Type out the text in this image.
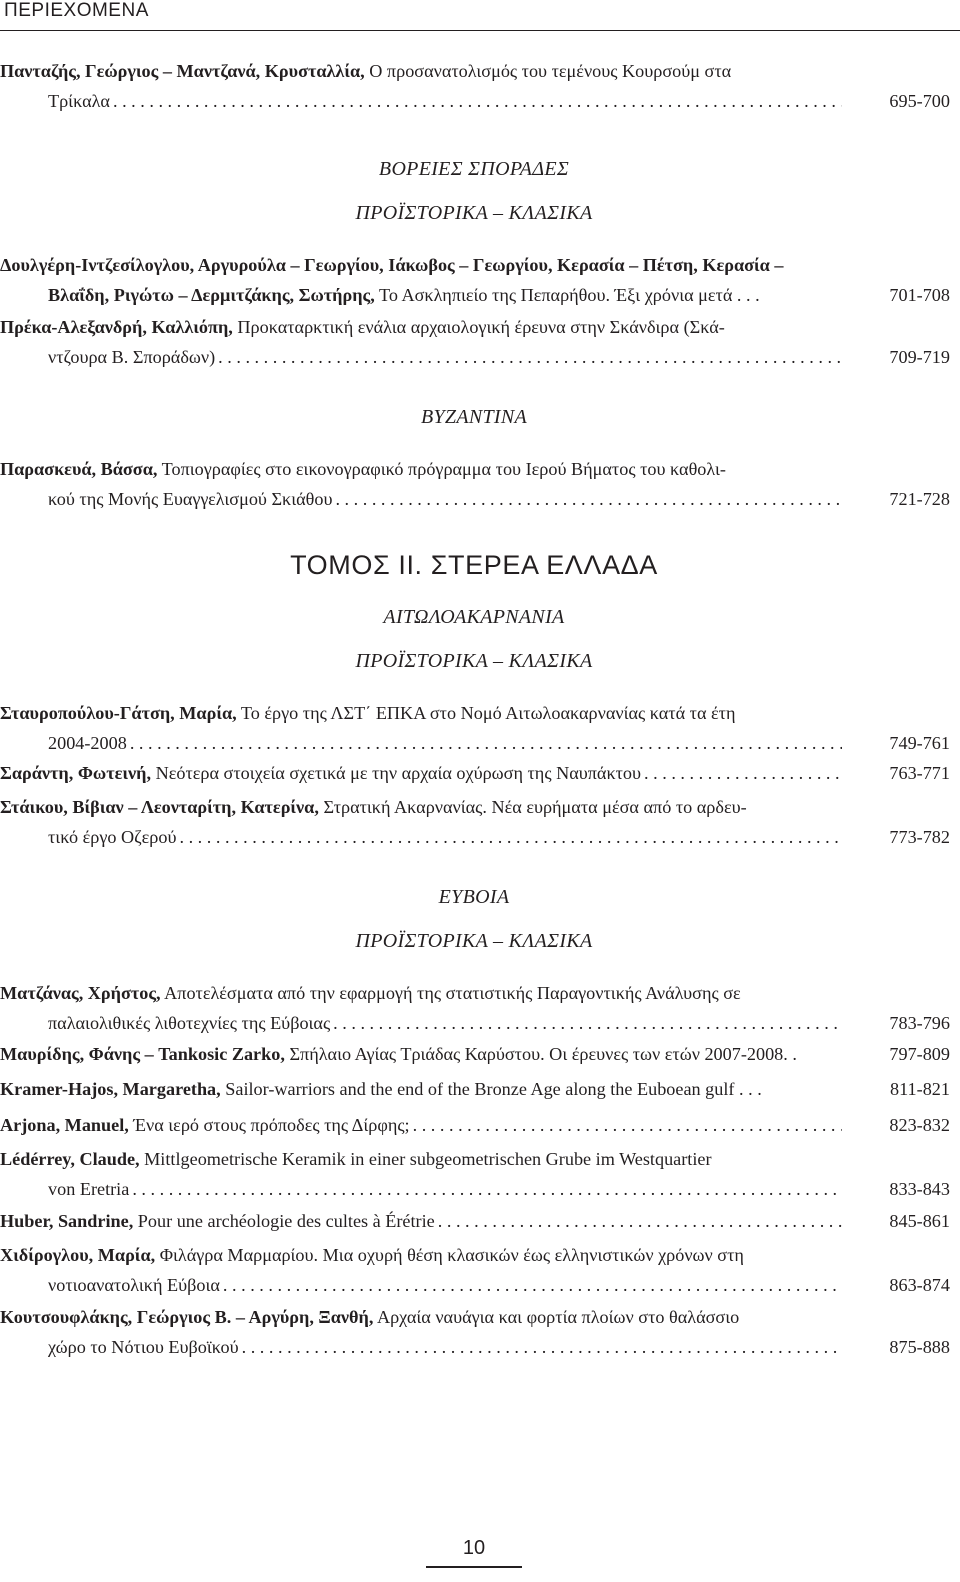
ΠΕΡΙΕΧΟΜΕΝΑ
Πανταζής, Γεώργιος – Μαντζανά, Κρυσταλλία, Ο προσανατολισμός του τεμένους Κουρσούμ στα
Τρίκαλα . . .	695-700
ΒΟΡΕΙΕΣ ΣΠΟΡΑΔΕΣ
ΠΡΟΪΣΤΟΡΙΚΑ – ΚΛΑΣΙΚΑ
Δουλγέρη-Ιντζεσίλογλου, Αργυρούλα – Γεωργίου, Ιάκωβος – Γεωργίου, Κερασία – Πέτση, Κερασία –
Βλαΐδη, Ριγώτω – Δερμιτζάκης, Σωτήρης, Το Ασκληπιείο της Πεπαρήθου. Έξι χρόνια μετά . . .	701-708
Πρέκα-Αλεξανδρή, Καλλιόπη, Προκαταρκτική ενάλια αρχαιολογική έρευνα στην Σκάνδιρα (Σκά-
ντζουρα Β. Σποράδων) . . .	709-719
ΒΥΖΑΝΤΙΝΑ
Παρασκευά, Βάσσα, Τοπιογραφίες στο εικονογραφικό πρόγραμμα του Ιερού Βήματος του καθολι-
κού της Μονής Ευαγγελισμού Σκιάθου . . .	721-728
ΤΟΜΟΣ ΙΙ. ΣΤΕΡΕΑ ΕΛΛΑΔΑ
ΑΙΤΩΛΟΑΚΑΡΝΑΝΙΑ
ΠΡΟΪΣΤΟΡΙΚΑ – ΚΛΑΣΙΚΑ
Σταυροπούλου-Γάτση, Μαρία, Το έργο της ΛΣΤ΄ ΕΠΚΑ στο Νομό Αιτωλοακαρνανίας κατά τα έτη
2004-2008 . . .	749-761
Σαράντη, Φωτεινή, Νεότερα στοιχεία σχετικά με την αρχαία οχύρωση της Ναυπάκτου . . .	763-771
Στάικου, Βίβιαν – Λεονταρίτη, Κατερίνα, Στρατική Ακαρνανίας. Νέα ευρήματα μέσα από το αρδευ-
τικό έργο Οζερού . . .	773-782
ΕΥΒΟΙΑ
ΠΡΟΪΣΤΟΡΙΚΑ – ΚΛΑΣΙΚΑ
Ματζάνας, Χρήστος, Αποτελέσματα από την εφαρμογή της στατιστικής Παραγοντικής Ανάλυσης σε
παλαιολιθικές λιθοτεχνίες της Εύβοιας . . .	783-796
Μαυρίδης, Φάνης – Tankosic Zarko, Σπήλαιο Αγίας Τριάδας Καρύστου. Οι έρευνες των ετών 2007-2008. .	797-809
Kramer-Hajos, Margaretha, Sailor-warriors and the end of the Bronze Age along the Euboean gulf . . .	811-821
Arjona, Manuel, Ένα ιερό στους πρόποδες της Δίρφης; . . .	823-832
Lédérrey, Claude, Mittlgeometrische Keramik in einer subgeometrischen Grube im Westquartier
von Eretria . . .	833-843
Huber, Sandrine, Pour une archéologie des cultes à Érétrie . . .	845-861
Χιδίρογλου, Μαρία, Φιλάγρα Μαρμαρίου. Μια οχυρή θέση κλασικών έως ελληνιστικών χρόνων στη
νοτιοανατολική Εύβοια . . .	863-874
Κουτσουφλάκης, Γεώργιος Β. – Αργύρη, Ξανθή, Αρχαία ναυάγια και φορτία πλοίων στο θαλάσσιο
χώρο το Νότιου Ευβοϊκού . . .	875-888
10
